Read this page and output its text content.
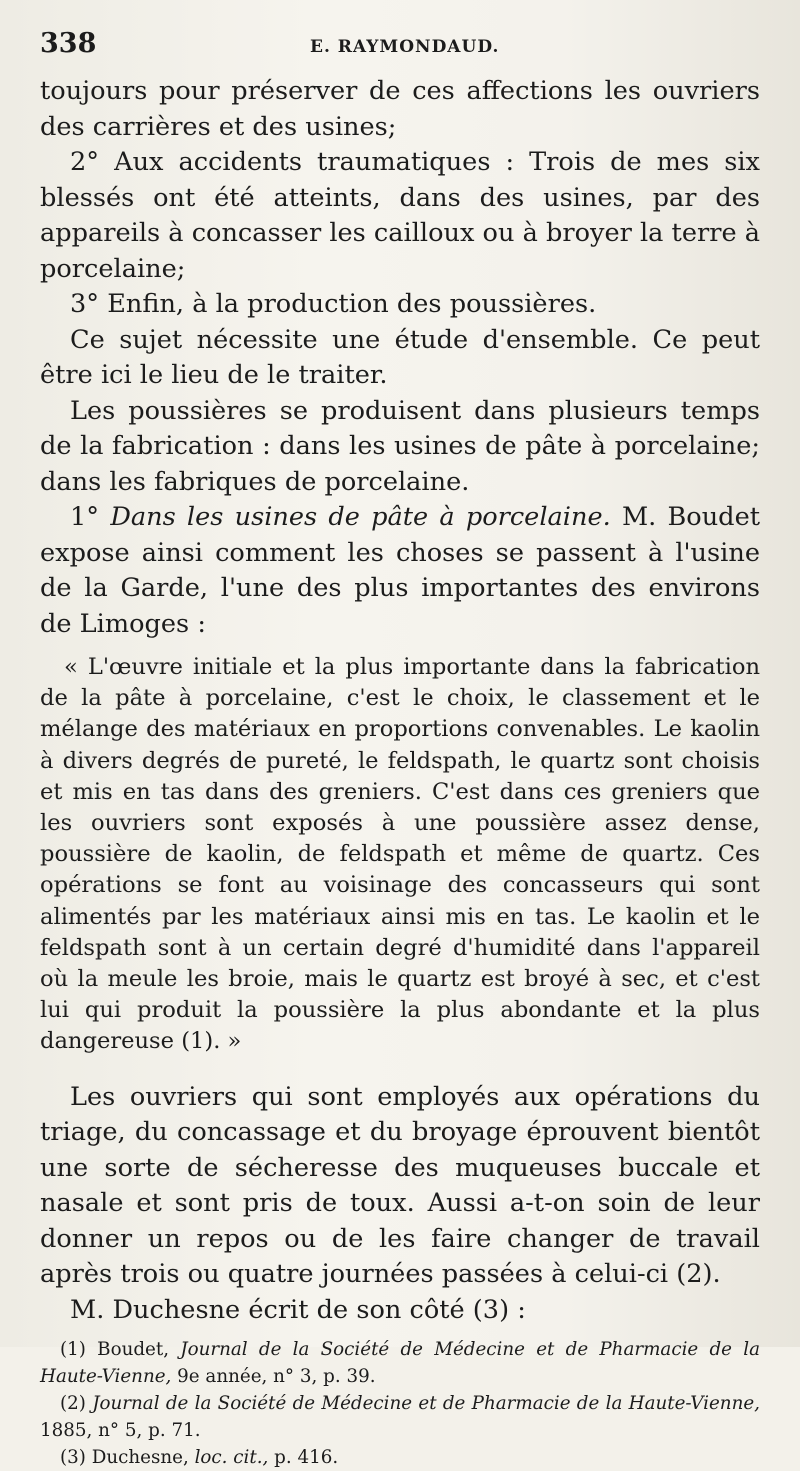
338	E. RAYMONDAUD.

toujours pour préserver de ces affections les ouvriers des carrières et des usines;

2° Aux accidents traumatiques : Trois de mes six blessés ont été atteints, dans des usines, par des appareils à concasser les cailloux ou à broyer la terre à porcelaine;

3° Enfin, à la production des poussières.

Ce sujet nécessite une étude d'ensemble. Ce peut être ici le lieu de le traiter.

Les poussières se produisent dans plusieurs temps de la fabrication : dans les usines de pâte à porcelaine; dans les fabriques de porcelaine.

1° Dans les usines de pâte à porcelaine. M. Boudet expose ainsi comment les choses se passent à l'usine de la Garde, l'une des plus importantes des environs de Limoges :

« L'œuvre initiale et la plus importante dans la fabrication de la pâte à porcelaine, c'est le choix, le classement et le mélange des matériaux en proportions convenables. Le kaolin à divers degrés de pureté, le feldspath, le quartz sont choisis et mis en tas dans des greniers. C'est dans ces greniers que les ouvriers sont exposés à une poussière assez dense, poussière de kaolin, de feldspath et même de quartz. Ces opérations se font au voisinage des concasseurs qui sont alimentés par les matériaux ainsi mis en tas. Le kaolin et le feldspath sont à un certain degré d'humidité dans l'appareil où la meule les broie, mais le quartz est broyé à sec, et c'est lui qui produit la poussière la plus abondante et la plus dangereuse (1). »

Les ouvriers qui sont employés aux opérations du triage, du concassage et du broyage éprouvent bientôt une sorte de sécheresse des muqueuses buccale et nasale et sont pris de toux. Aussi a-t-on soin de leur donner un repos ou de les faire changer de travail après trois ou quatre journées passées à celui-ci (2).

M. Duchesne écrit de son côté (3) :

(1) Boudet, Journal de la Société de Médecine et de Pharmacie de la Haute-Vienne, 9e année, n° 3, p. 39.

(2) Journal de la Société de Médecine et de Pharmacie de la Haute-Vienne, 1885, n° 5, p. 71.

(3) Duchesne, loc. cit., p. 416.
